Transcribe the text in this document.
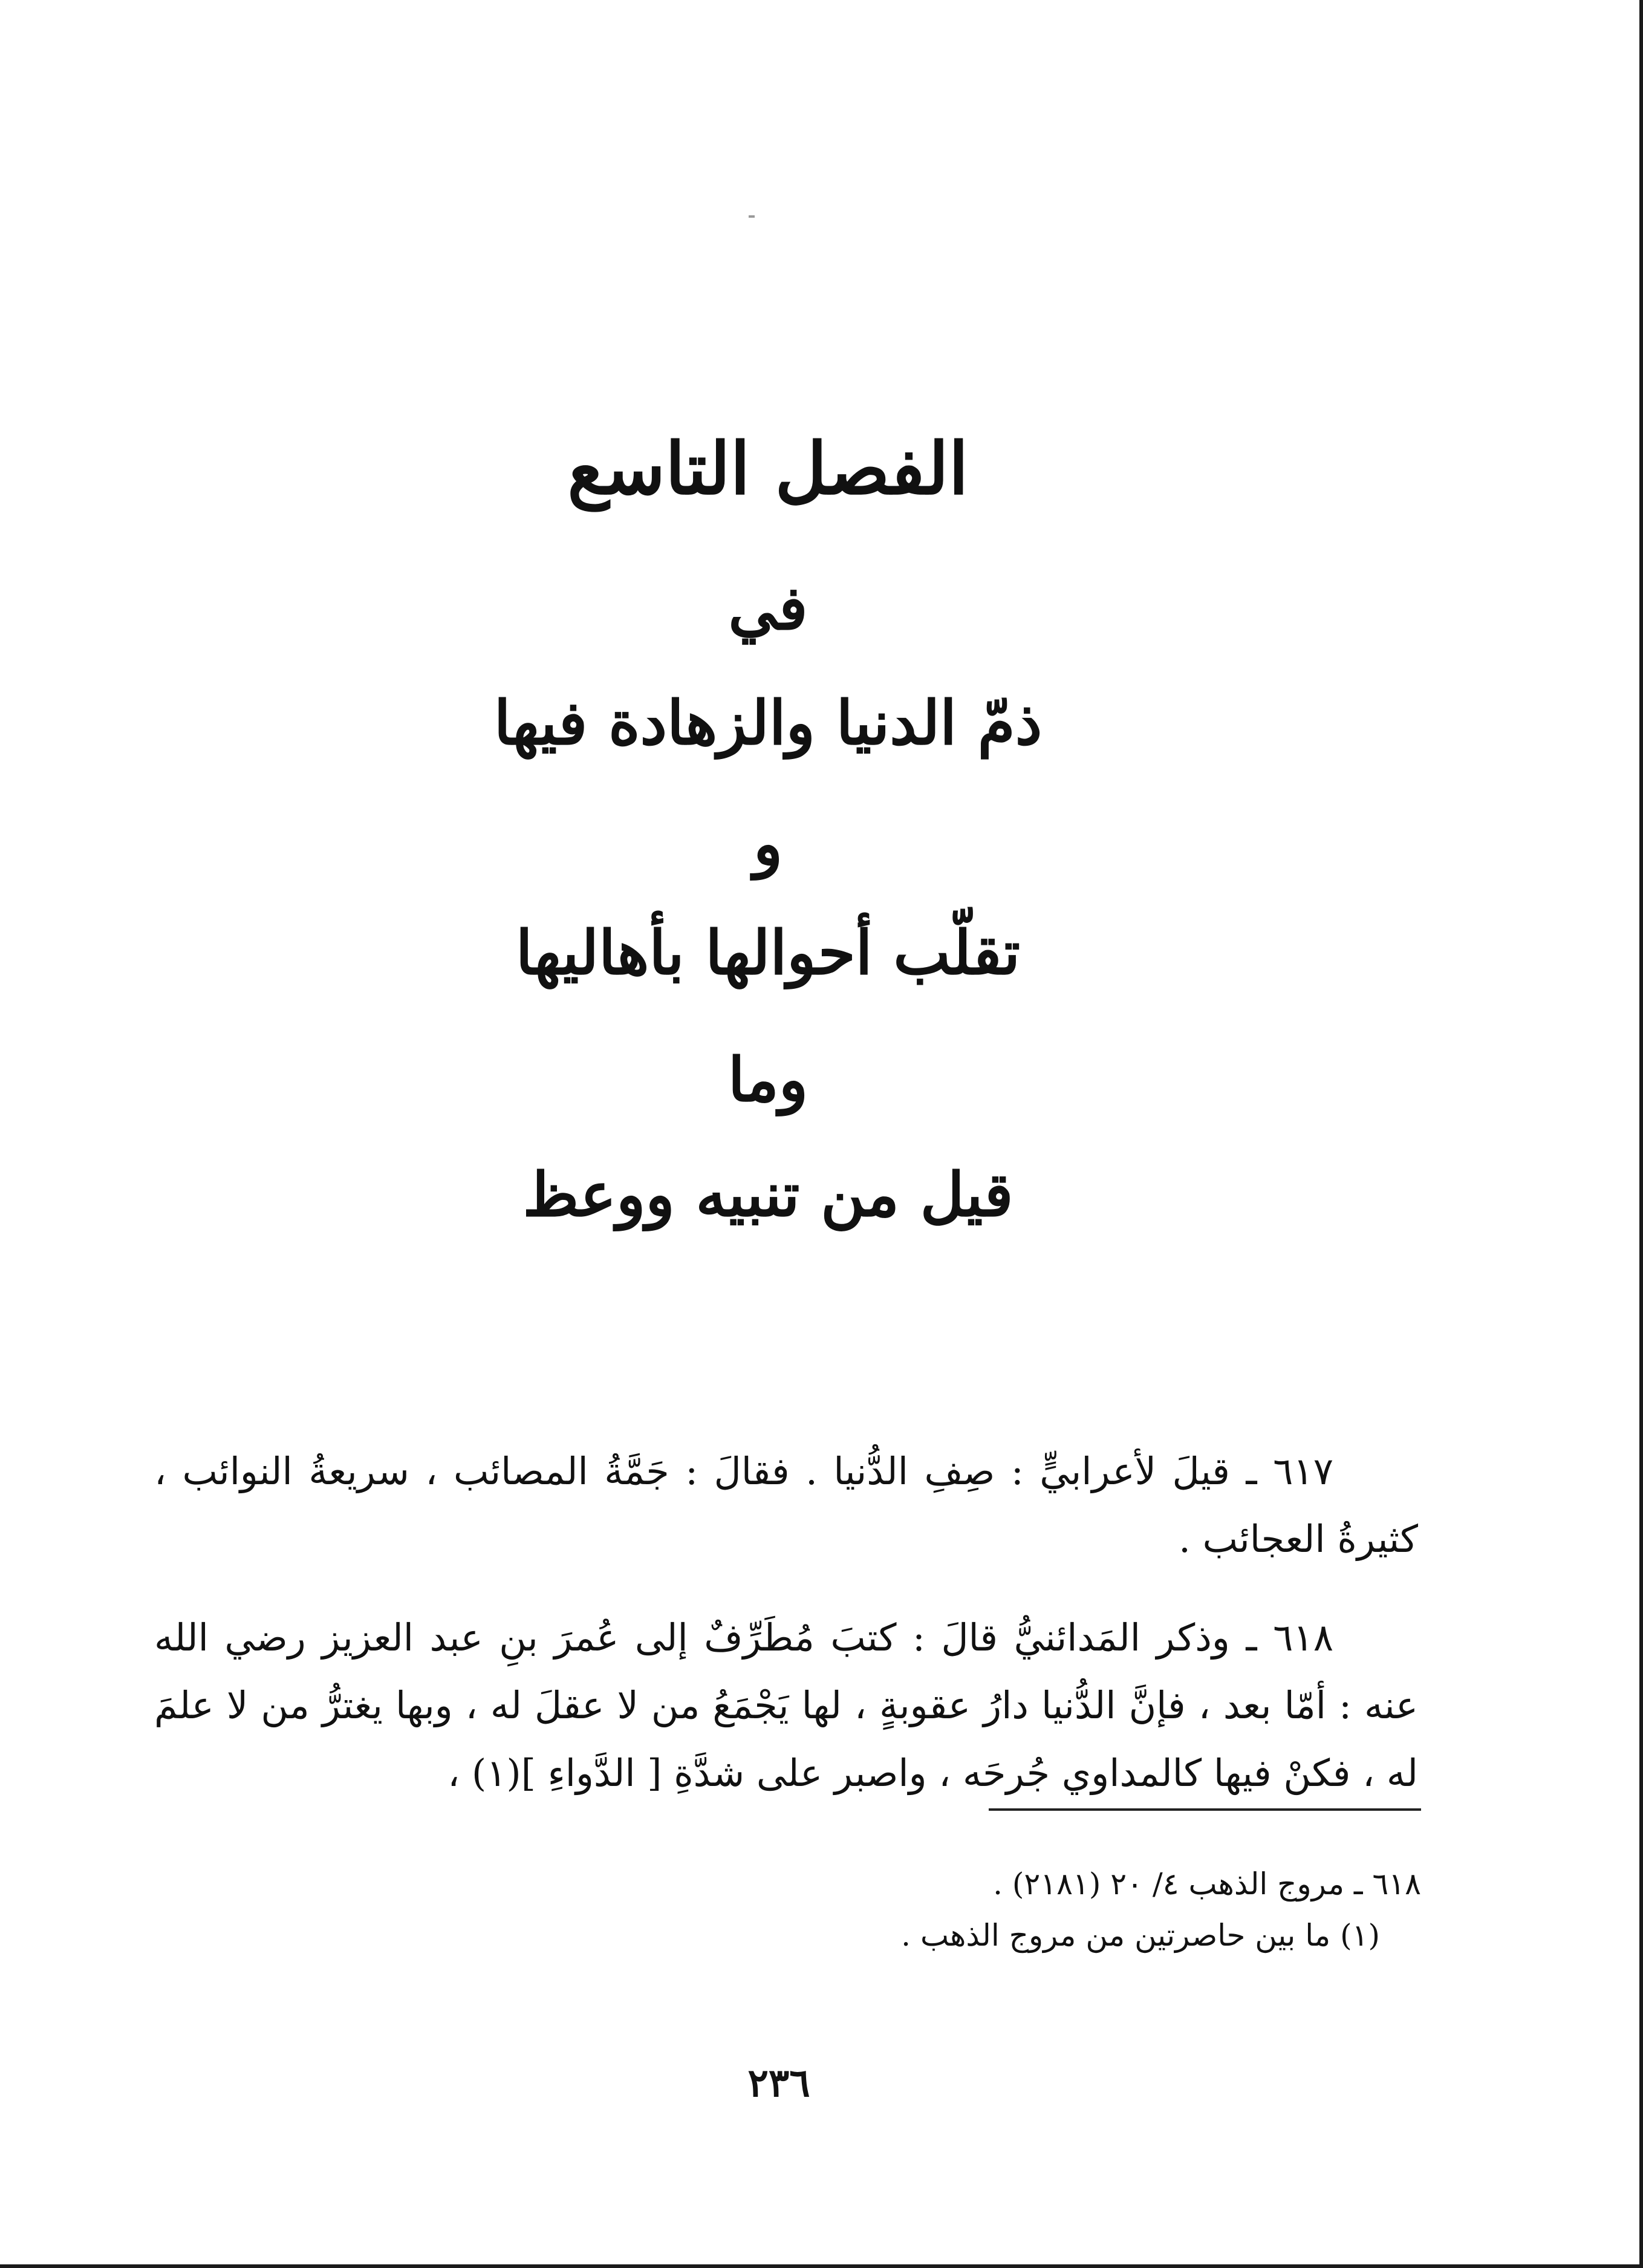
الفصل التاسع
في
ذمّ الدنيا والزهادة فيها
و
تقلّب أحوالها بأهاليها
وما
قيل من تنبيه ووعظ

٦١٧ ـ قيلَ لأعرابيٍّ : صِفِ الدُّنيا . فقالَ : جَمَّةُ المصائب ، سريعةُ النوائب ، كثيرةُ العجائب .

٦١٨ ـ وذكر المَدائنيُّ قالَ : كتبَ مُطَرِّفٌ إلى عُمرَ بنِ عبد العزيز رضي الله عنه : أمّا بعد ، فإنَّ الدُّنيا دارُ عقوبةٍ ، لها يَجْمَعُ من لا عقلَ له ، وبها يغترُّ من لا علمَ له ، فكنْ فيها كالمداوي جُرحَه ، واصبر على شدَّةِ [ الدَّواءِ ](١) ،

٦١٨ ـ مروج الذهب ٤/ ٢٠ (٢١٨١) .
(١) ما بين حاصرتين من مروج الذهب .
٢٣٦
